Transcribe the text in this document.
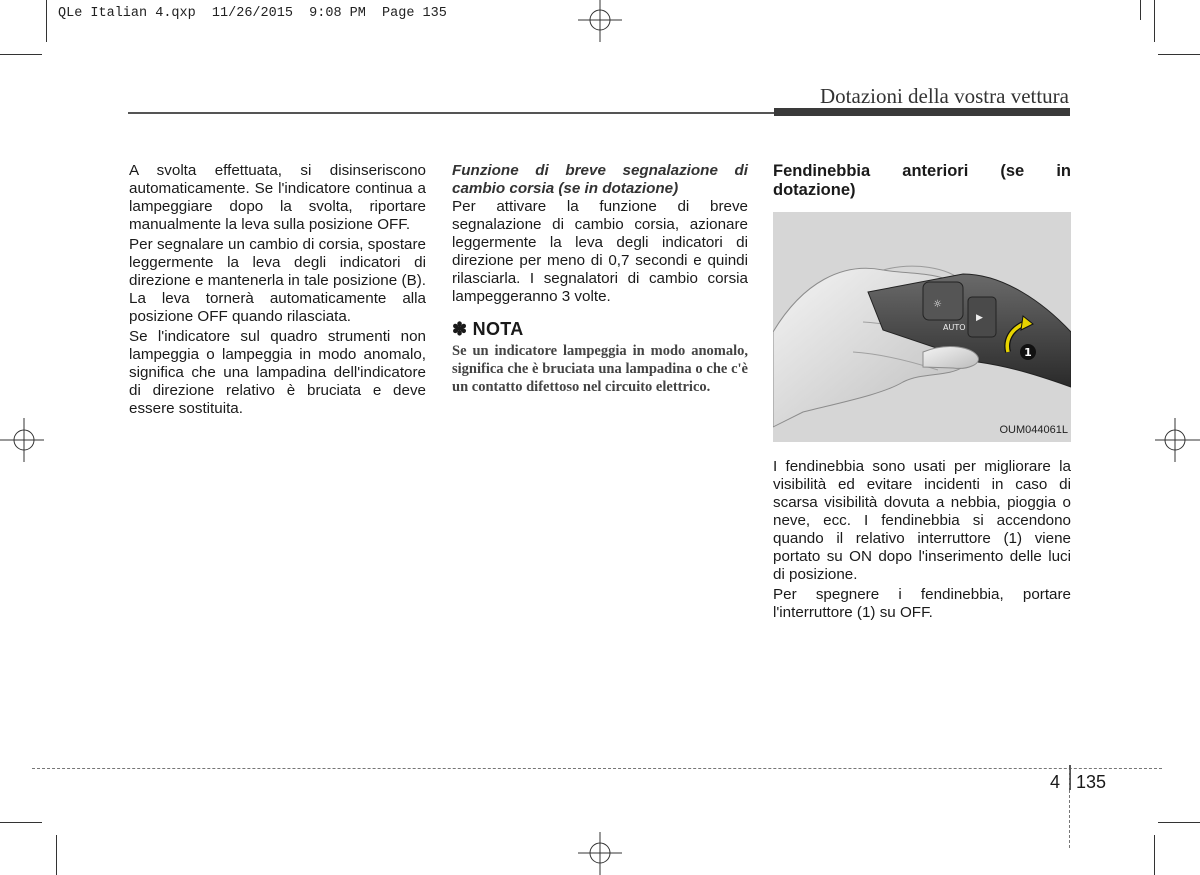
QLe Italian 4.qxp  11/26/2015  9:08 PM  Page 135
Dotazioni della vostra vettura

A svolta effettuata, si disinseriscono automaticamente. Se l'indicatore continua a lampeggiare dopo la svolta, riportare manualmente la leva sulla posizione OFF.

Per segnalare un cambio di corsia, spostare leggermente la leva degli indicatori di direzione e mantenerla in tale posizione (B). La leva tornerà automaticamente alla posizione OFF quando rilasciata.

Se l'indicatore sul quadro strumenti non lampeggia o lampeggia in modo anomalo, significa che una lampadina dell'indicatore di direzione relativo è bruciata e deve essere sostituita.

Funzione di breve segnalazione di cambio corsia (se in dotazione)

Per attivare la funzione di breve segnalazione di cambio corsia, azionare leggermente la leva degli indicatori di direzione per meno di 0,7 secondi e quindi rilasciarla. I segnalatori di cambio corsia lampeggeranno 3 volte.

✽ NOTA

Se un indicatore lampeggia in modo anomalo, significa che è bruciata una lampadina o che c'è un contatto difettoso nel circuito elettrico.

Fendinebbia anteriori (se in dotazione)

☼
AUTO
▶
1
OUM044061L

I fendinebbia sono usati per migliorare la visibilità ed evitare incidenti in caso di scarsa visibilità dovuta a nebbia, pioggia o neve, ecc. I fendinebbia si accendono quando il relativo interruttore (1) viene portato su ON dopo l'inserimento delle luci di posizione.

Per spegnere i fendinebbia, portare l'interruttore (1) su OFF.

4 135
